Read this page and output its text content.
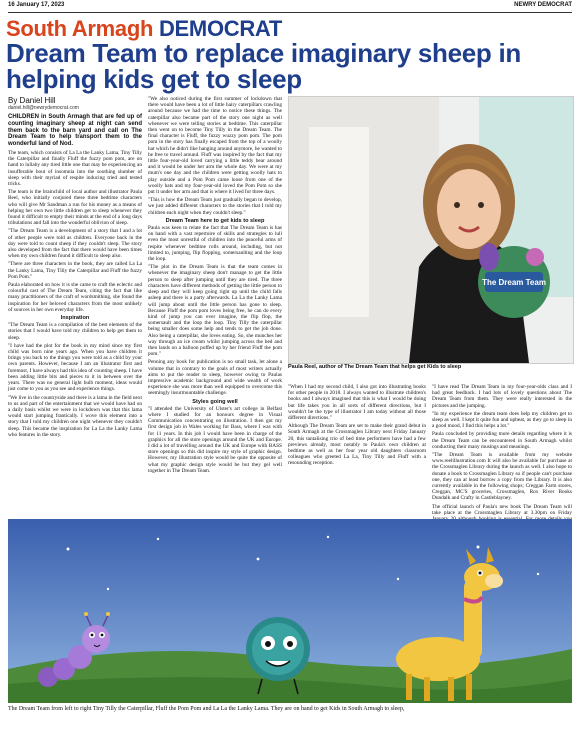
16 January 17, 2023	NEWRY DEMOCRAT
South Armagh DEMOCRAT
Dream Team to replace imaginary sheep in helping kids get to sleep
By Daniel Hill
daniel.hill@newrydemocrat.com

CHILDREN in South Armagh that are fed up of counting imaginary sheep at night can send them back to the barn yard and call on The Dream Team to help transport them to the wonderful land of Nod.

The team, which consists of La La the Lanky Lama, Tiny Tilly the Caterpillar and finally Fluff the fuzzy pom pom, are on hand to lullaby any tired little one that may be experiencing an insufferable bout of insomnia into the soothing slumber of sleep with their myriad of respite inducing tried and tested tricks.

The team is the brainchild of local author and illustrator Paula Reel, who initially conjured these three bedtime characters who will give Mr Sandman a run for his money as a means of helping her own two little children get to sleep whenever they found it difficult to empty their minds at the end of a long days tribulations and fall into the wonderful oblivion of sleep.

"The Dream Team is a development of a story that I and a lot of other people were told as children. Everyone back in the day were told to count sheep if they couldn't sleep. The story also developed from the fact that there would have been times when my own children found it difficult to sleep also.

"There are three characters in the book, they are called La La the Lanky Lama, Tiny Tilly the Caterpillar and Fluff the fuzzy Pom Pom."

Paula elaborated on how it is she came to craft the eclectic and colourful cast of The Dream Team, citing the fact that like many practitioners of the craft of wordsmithing, she found the inspiration for her beloved characters from the most unlikely of sources in her own everyday life.

Inspiration

"The Dream Team is a compilation of the best elements of the stories that I would have told my children to help get them to sleep.

"I have had the plot for the book in my mind since my first child was born nine years ago. When you have children it brings you back to the things you were told as a child by your own parents. However, because I am an illustrator first and foremost, I have always had this idea of counting sheep. I have been adding little bits and pieces to it in between over the years. There was no general light bulb moment, ideas would just come to you as you see and experience things.

"We live in the countryside and there is a lama in the field next to us and part of the entertainment that we would have had on a daily basis whilst we were in lockdown was that this lama would start jumping frantically. I wove this element into a story that I told my children one night whenever they couldn't sleep. This became the inspiration for La La the Lanky Lama who features in the story.

"We also noticed during the first summer of lockdown that there would have been a lot of little hairy caterpillars crawling around because we had the time to notice these things. The caterpillar also became part of the story one night as well whenever we were telling stories at bedtime. This caterpillar then went on to become Tiny Tilly in the Dream Team. The final character is Fluff, the fuzzy wuzzy pom pom. The pom pom in the story has finally escaped from the top of a woolly hat which he didn't like hanging around anymore, he wanted to be free to travel around. Fluff was inspired by the fact that my little four-year-old loved carrying a little teddy bear around and it would be under her arm the whole day. We were at my mum's one day and the children were getting woolly hats to play outside and a Pom Pom came loose from one of the woolly hats and my four-year-old loved the Pom Pom so she put it under her arm and that is where it lived for three days.

"This is how the Dream Team just gradually began to develop, we just added different characters to the stories that I told my children each night when they couldn't sleep."

Dream Team here to get kids to sleep

Paula was keen to relate the fact that The Dream Team is has on hand with a vast repertoire of skills and strategies to lull even the most unrestful of children into the peaceful arms of respite whenever bedtime rolls around, including, but not limited to, jumping, flip flopping, somersaulting and the loop the loop.

"The plot in the Dream Team is that the team comes in whenever the imaginary sheep don't manage to get the little person to sleep after jumping until they are tired. The three characters have different methods of getting the little person to sleep and they will keep going right up until the child falls asleep and there is a party afterwards. La La the Lanky Lama will jump about until the little person has gone to sleep. Because Fluff the pom pom loves being free, he can do every kind of jump you can ever imagine, the flip flop, the somersault and the loop the loop. Tiny Tilly the caterpillar being smaller does some help and tends to get the job done. Also being a caterpillar, she loves eating. So, she munches her way through an ice cream whilst jumping across the bed and then lands on a balloon puffed up by her friend Fluff the pom pom."

Penning any book for publication is no small task, let alone a volume that in contrary to the goals of most writers actually aims to put the reader to sleep, however owing to Paulas impressive academic background and wide wealth of work experience she was more than well equipped to overcome this seemingly insurmountable challenge.

Styles going well

"I attended the University of Ulster's art college in Belfast where I studied for an honours degree in Visual Communication concentrating on illustration. I then got my first design job in Wales working for Bass, where I was with for 11 years. In this job I would have been in charge of the graphics for all the store openings around the UK and Europe. I did a lot of travelling around the UK and Europe with BASS store openings so this did inspire my style of graphic design. However, my illustration style would be quite the opposite of what my graphic design style would be but they gel well together in The Dream Team.

The Dream Team
Paula Reel, author of The Dream Team that helps get Kids to sleep

"When I had my second child, I also got into illustrating books for other people in 2018. I always wanted to illustrate children's books and I always imagined that this is what I would be doing but life takes you in all sorts of different directions, but I wouldn't be the type of illustrator I am today without all those different directions."

Although The Dream Team are set to make their grand debut in South Armagh at the Crossmaglen Library next Friday January 20, this tantalising trio of bed time performers have had a few previews already, most notably to Paula's own children at bedtime as well as her four year old daughters classroom colleagues who greeted La La, Tiny Tilly and Fluff with a resounding reception.

"I have read The Dream Team in my four-year-olds class and I had great feedback. I had lots of lovely questions about The Dream Team from them. They were really interested in the pictures and the jumping.

"In my experience the dream team does help my children get to sleep as well. I kept it quite fun and upbeat, as they go to sleep in a good mood, I find this helps a lot."

Paula concluded by providing more details regarding where it is the Dream Team can be encountered in South Armagh whilst conducting their many musings and meanings.

"The Dream Team is available from my website www.reelillustration.com It will also be available for purchase at the Crossmaglen Library during the launch as well. I also hope to donate a book to Crossmaglen Library so if people can't purchase one, they can at least borrow a copy from the Library. It is also currently available in the following shops; Creggan Farm stores, Creggan, MC'S groceries, Crossmaglen, Rox River Books Dundalk and Crafty in Castleblayney.

The official launch of Paula's new book The Dream Team will take place at the Crossmaglen Library at 3.30pm on Friday

The Dream Team from left to right Tiny Tilly the Caterpillar, Fluff the Pom Pom and La La the Lanky Lama. They are on hand to get Kids in South Armagh to sleep,
